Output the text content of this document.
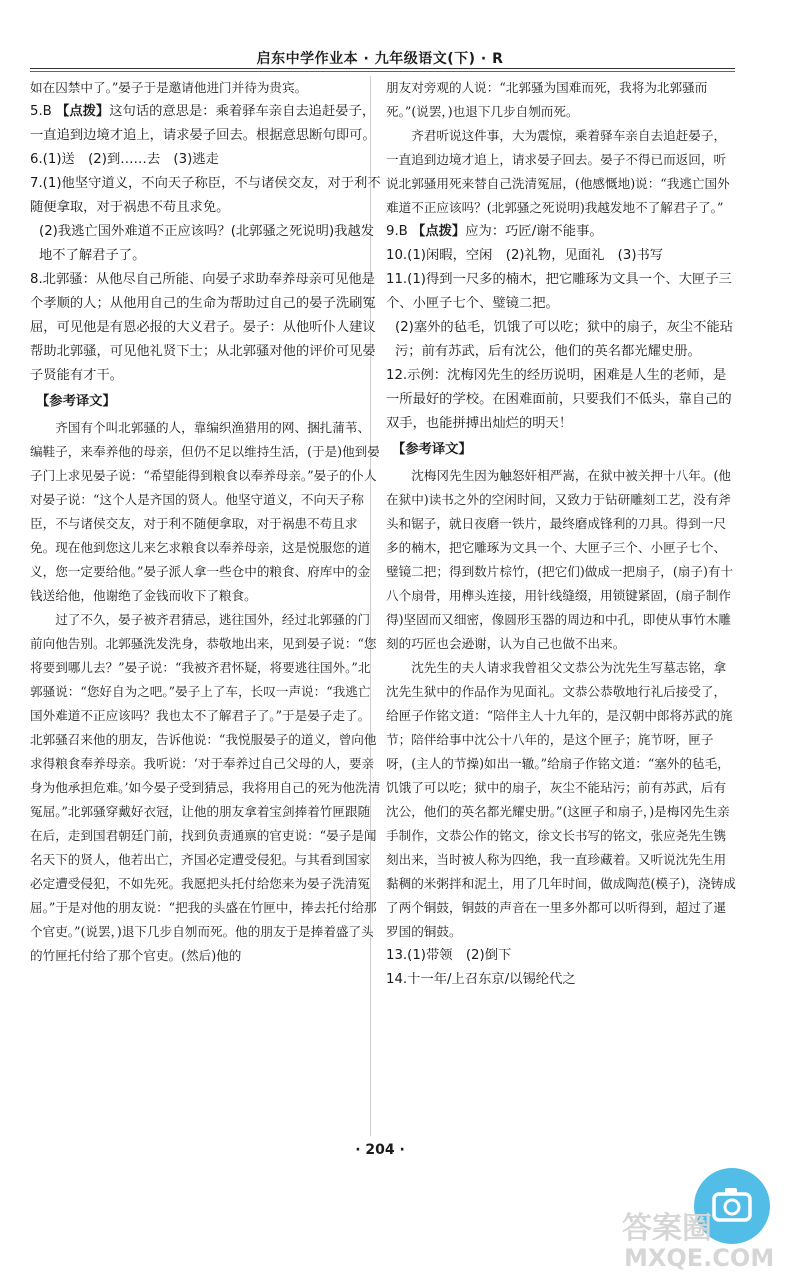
启东中学作业本 · 九年级语文(下) · R
如在囚禁中了。”晏子于是邀请他进门并待为贵宾。
5.B 【点拨】这句话的意思是：乘着驿车亲自去追赶晏子，一直追到边境才追上，请求晏子回去。根据意思断句即可。
6.(1)送　(2)到……去　(3)逃走
7.(1)他坚守道义，不向天子称臣，不与诸侯交友，对于利不随便拿取，对于祸患不苟且求免。
(2)我逃亡国外难道不正应该吗？(北郭骚之死说明)我越发地不了解君子了。
8.北郭骚：从他尽自己所能、向晏子求助奉养母亲可见他是个孝顺的人；从他用自己的生命为帮助过自己的晏子洗刷冤屈，可见他是有恩必报的大义君子。晏子：从他听仆人建议帮助北郭骚，可见他礼贤下士；从北郭骚对他的评价可见晏子贤能有才干。
【参考译文】

齐国有个叫北郭骚的人，靠编织渔猎用的网、捆扎蒲苇、编鞋子，来奉养他的母亲，但仍不足以维持生活，(于是)他到晏子门上求见晏子说：“希望能得到粮食以奉养母亲。”晏子的仆人对晏子说：“这个人是齐国的贤人。他坚守道义，不向天子称臣，不与诸侯交友，对于利不随便拿取，对于祸患不苟且求免。现在他到您这儿来乞求粮食以奉养母亲，这是悦服您的道义，您一定要给他。”晏子派人拿一些仓中的粮食、府库中的金钱送给他，他谢绝了金钱而收下了粮食。

过了不久，晏子被齐君猜忌，逃往国外，经过北郭骚的门前向他告别。北郭骚洗发洗身，恭敬地出来，见到晏子说：“您将要到哪儿去？”晏子说：“我被齐君怀疑，将要逃往国外。”北郭骚说：“您好自为之吧。”晏子上了车，长叹一声说：“我逃亡国外难道不正应该吗？我也太不了解君子了。”于是晏子走了。北郭骚召来他的朋友，告诉他说：“我悦服晏子的道义，曾向他求得粮食奉养母亲。我听说：‘对于奉养过自己父母的人，要亲身为他承担危难。’如今晏子受到猜忌，我将用自己的死为他洗清冤屈。”北郭骚穿戴好衣冠，让他的朋友拿着宝剑捧着竹匣跟随在后，走到国君朝廷门前，找到负责通禀的官吏说：“晏子是闻名天下的贤人，他若出亡，齐国必定遭受侵犯。与其看到国家必定遭受侵犯，不如先死。我愿把头托付给您来为晏子洗清冤屈。”于是对他的朋友说：“把我的头盛在竹匣中，捧去托付给那个官吏。”(说罢，)退下几步自刎而死。他的朋友于是捧着盛了头的竹匣托付给了那个官吏。(然后)他的

朋友对旁观的人说：“北郭骚为国难而死，我将为北郭骚而死。”(说罢，)也退下几步自刎而死。

齐君听说这件事，大为震惊，乘着驿车亲自去追赶晏子，一直追到边境才追上，请求晏子回去。晏子不得已而返回，听说北郭骚用死来替自己洗清冤屈，(他感慨地)说：“我逃亡国外难道不正应该吗？(北郭骚之死说明)我越发地不了解君子了。”

9.B 【点拨】应为：巧匠/谢不能事。
10.(1)闲暇，空闲　(2)礼物，见面礼　(3)书写
11.(1)得到一尺多的楠木，把它雕琢为文具一个、大匣子三个、小匣子七个、璧镜二把。
(2)塞外的毡毛，饥饿了可以吃；狱中的扇子，灰尘不能玷污；前有苏武，后有沈公，他们的英名都光耀史册。
12.示例：沈梅冈先生的经历说明，困难是人生的老师，是一所最好的学校。在困难面前，只要我们不低头，靠自己的双手，也能拼搏出灿烂的明天！
【参考译文】

沈梅冈先生因为触怒奸相严嵩，在狱中被关押十八年。(他在狱中)读书之外的空闲时间，又致力于钻研雕刻工艺，没有斧头和锯子，就日夜磨一铁片，最终磨成锋利的刀具。得到一尺多的楠木，把它雕琢为文具一个、大匣子三个、小匣子七个、璧镜二把；得到数片棕竹，(把它们)做成一把扇子，(扇子)有十八个扇骨，用榫头连接，用针线缝缀，用锁键紧固，(扇子制作得)坚固而又细密，像圆形玉器的周边和中孔，即使从事竹木雕刻的巧匠也会逊谢，认为自己也做不出来。

沈先生的夫人请求我曾祖父文恭公为沈先生写墓志铭，拿沈先生狱中的作品作为见面礼。文恭公恭敬地行礼后接受了，给匣子作铭文道：“陪伴主人十九年的，是汉朝中郎将苏武的旄节；陪伴给事中沈公十八年的，是这个匣子；旄节呀，匣子呀，(主人的节操)如出一辙。”给扇子作铭文道：“塞外的毡毛，饥饿了可以吃；狱中的扇子，灰尘不能玷污；前有苏武，后有沈公，他们的英名都光耀史册。”(这匣子和扇子，)是梅冈先生亲手制作，文恭公作的铭文，徐文长书写的铭文，张应尧先生镌刻出来，当时被人称为四绝，我一直珍藏着。又听说沈先生用黏稠的米粥拌和泥土，用了几年时间，做成陶范(模子)，浇铸成了两个铜鼓，铜鼓的声音在一里多外都可以听得到，超过了暹罗国的铜鼓。

13.(1)带领　(2)倒下
14.十一年/上召东京/以锡纶代之
· 204 ·
答案圈
MXQE.COM
